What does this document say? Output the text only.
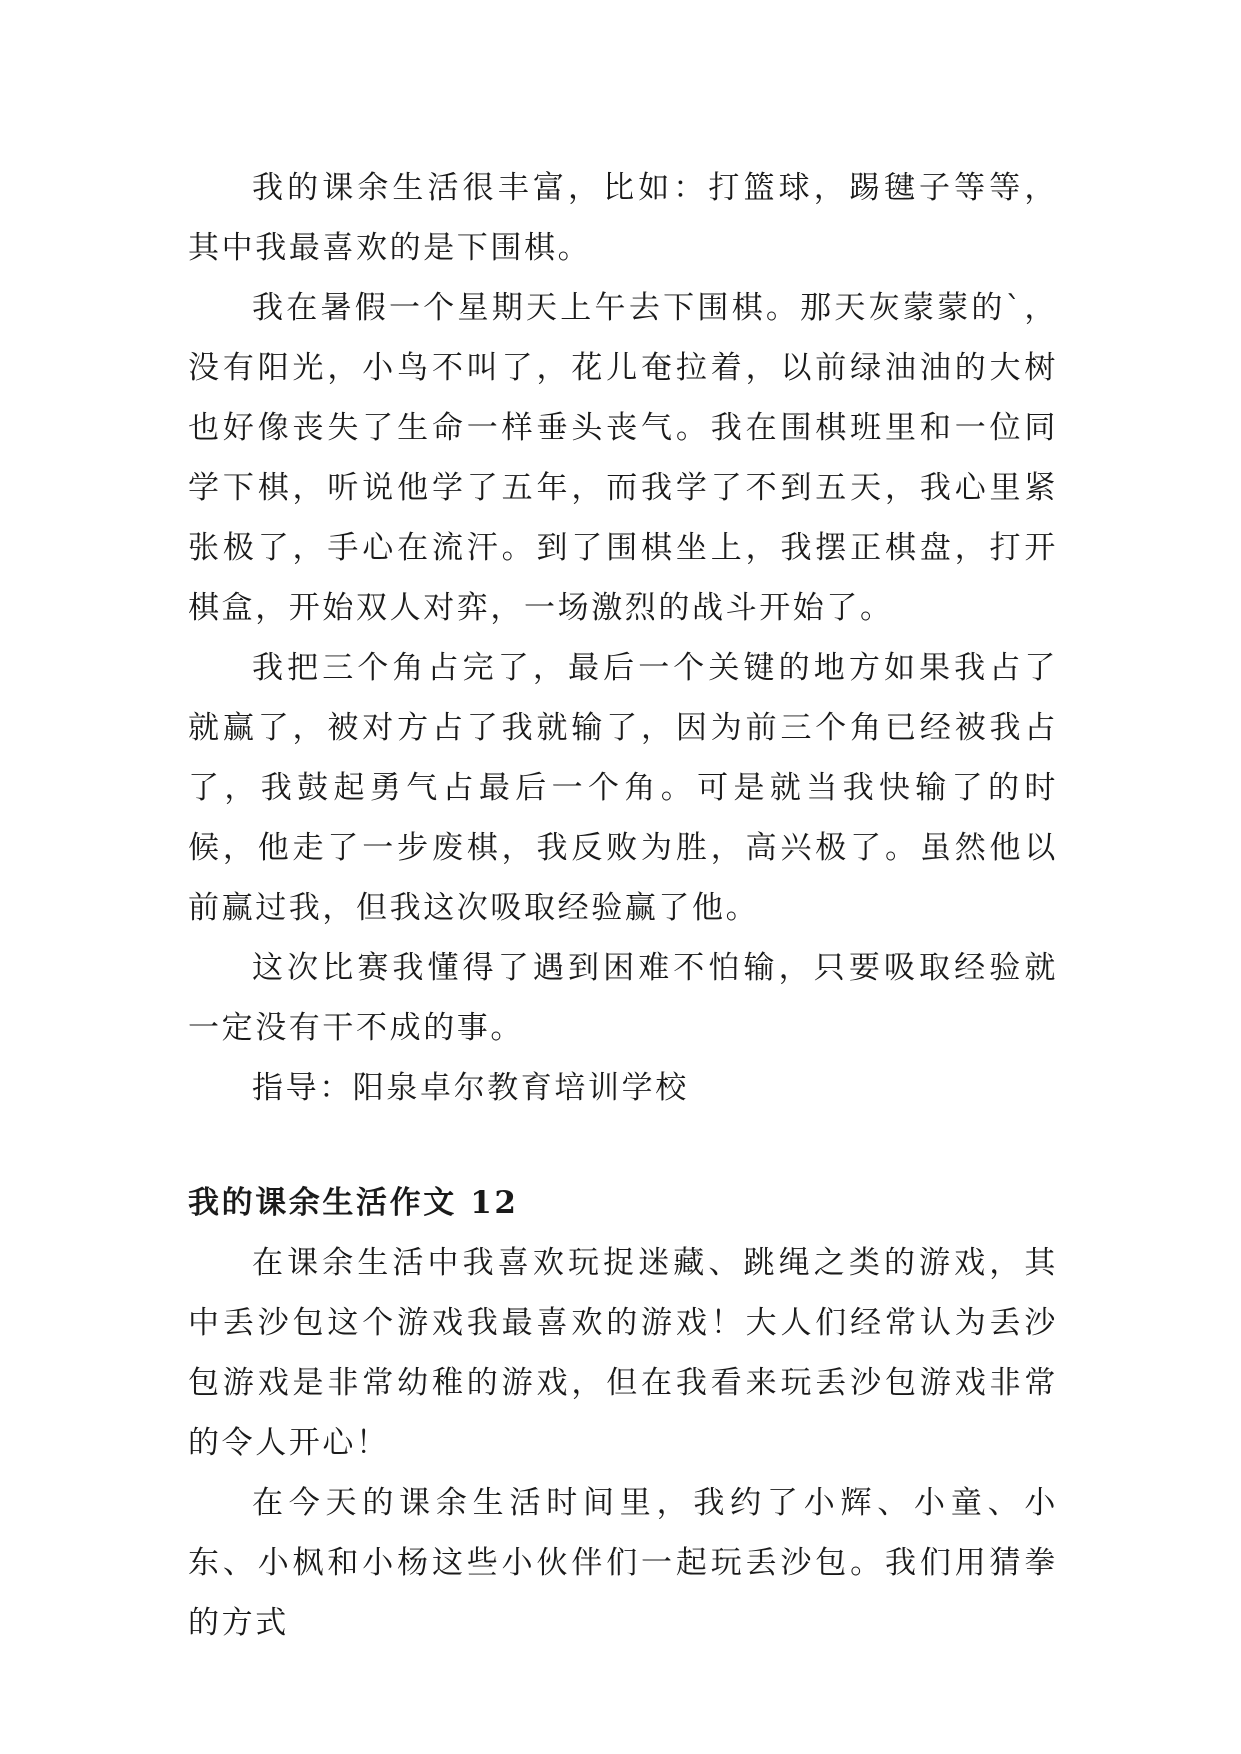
我的课余生活很丰富，比如：打篮球，踢毽子等等，其中我最喜欢的是下围棋。

我在暑假一个星期天上午去下围棋。那天灰蒙蒙的`，没有阳光，小鸟不叫了，花儿奄拉着，以前绿油油的大树也好像丧失了生命一样垂头丧气。我在围棋班里和一位同学下棋，听说他学了五年，而我学了不到五天，我心里紧张极了，手心在流汗。到了围棋坐上，我摆正棋盘，打开棋盒，开始双人对弈，一场激烈的战斗开始了。

我把三个角占完了，最后一个关键的地方如果我占了就赢了，被对方占了我就输了，因为前三个角已经被我占了，我鼓起勇气占最后一个角。可是就当我快输了的时候，他走了一步废棋，我反败为胜，高兴极了。虽然他以前赢过我，但我这次吸取经验赢了他。

这次比赛我懂得了遇到困难不怕输，只要吸取经验就一定没有干不成的事。

指导：阳泉卓尔教育培训学校

我的课余生活作文 12

在课余生活中我喜欢玩捉迷藏、跳绳之类的游戏，其中丢沙包这个游戏我最喜欢的游戏！大人们经常认为丢沙包游戏是非常幼稚的游戏，但在我看来玩丢沙包游戏非常的令人开心！

在今天的课余生活时间里，我约了小辉、小童、小东、小枫和小杨这些小伙伴们一起玩丢沙包。我们用猜拳的方式
